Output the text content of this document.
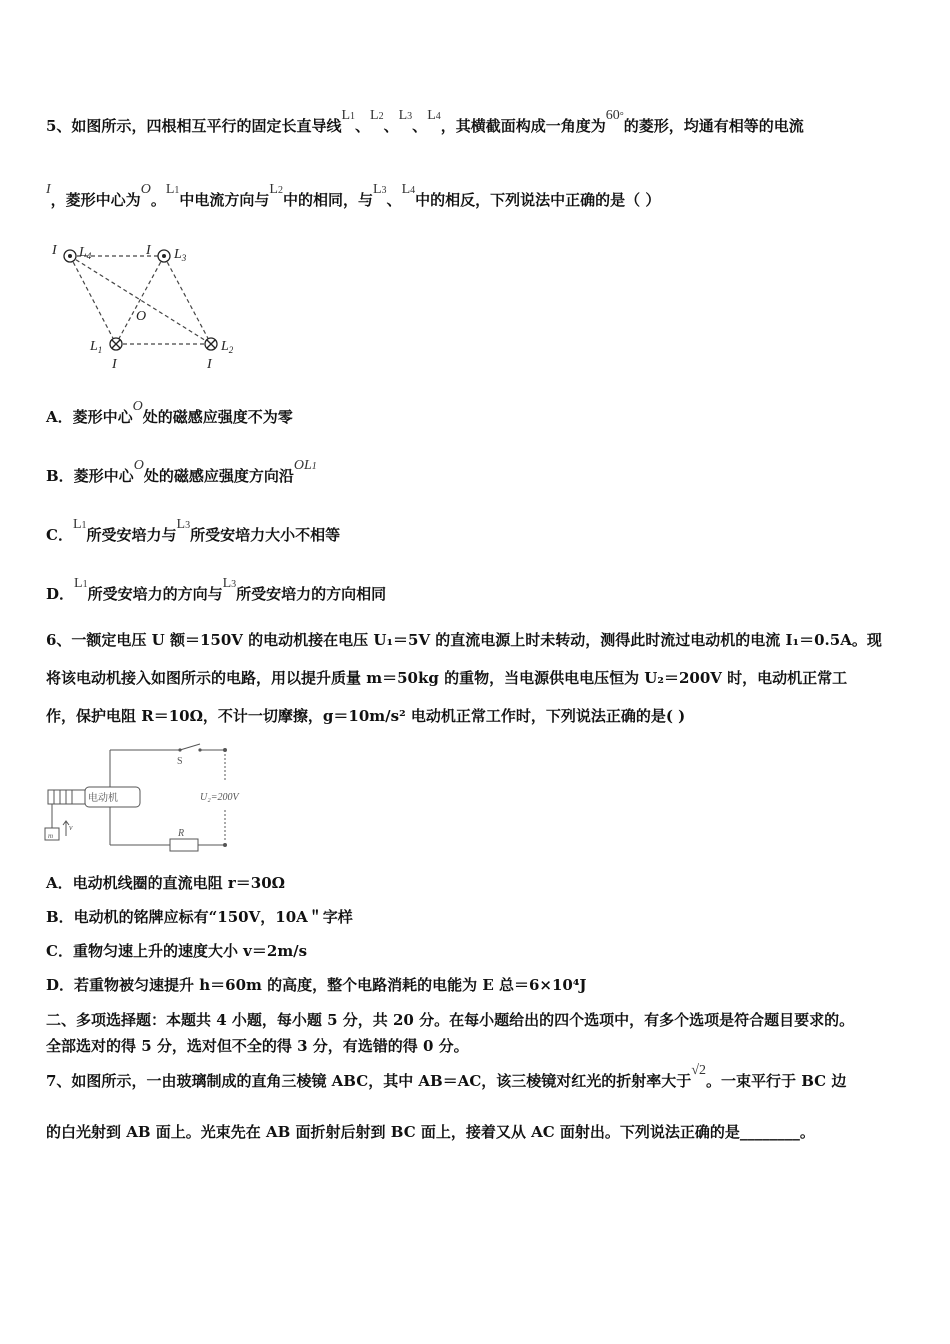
5、如图所示，四根相互平行的固定长直导线L1、L2、L3、L4，其横截面构成一角度为60°的菱形，均通有相等的电流
I，菱形中心为O。L1中电流方向与L2中的相同，与L3、L4中的相反，下列说法中正确的是（ ）
I $L_4$	I $L_3$
O
$L_1$
I
$L_2$
I
A．菱形中心O处的磁感应强度不为零
B．菱形中心O处的磁感应强度方向沿OL1
C．L1所受安培力与L3所受安培力大小不相等
D．L1所受安培力的方向与L3所受安培力的方向相同
6、一额定电压 U 额＝150V 的电动机接在电压 U₁＝5V 的直流电源上时未转动，测得此时流过电动机的电流 I₁＝0.5A。现
将该电动机接入如图所示的电路，用以提升质量 m＝50kg 的重物，当电源供电电压恒为 U₂＝200V 时，电动机正常工
作，保护电阻 R＝10Ω，不计一切摩擦，g＝10m/s² 电动机正常工作时，下列说法正确的是( )
S
电动机	U₂=200V
R
m
v
A．电动机线圈的直流电阻 r＝30Ω
B．电动机的铭牌应标有“150V，10A＂字样
C．重物匀速上升的速度大小 v＝2m/s
D．若重物被匀速提升 h＝60m 的高度，整个电路消耗的电能为 E 总＝6×10⁴J
二、多项选择题：本题共 4 小题，每小题 5 分，共 20 分。在每小题给出的四个选项中，有多个选项是符合题目要求的。
全部选对的得 5 分，选对但不全的得 3 分，有选错的得 0 分。
7、如图所示，一由玻璃制成的直角三棱镜 ABC，其中 AB＝AC，该三棱镜对红光的折射率大于√2。一束平行于 BC 边
的白光射到 AB 面上。光束先在 AB 面折射后射到 BC 面上，接着又从 AC 面射出。下列说法正确的是________。
